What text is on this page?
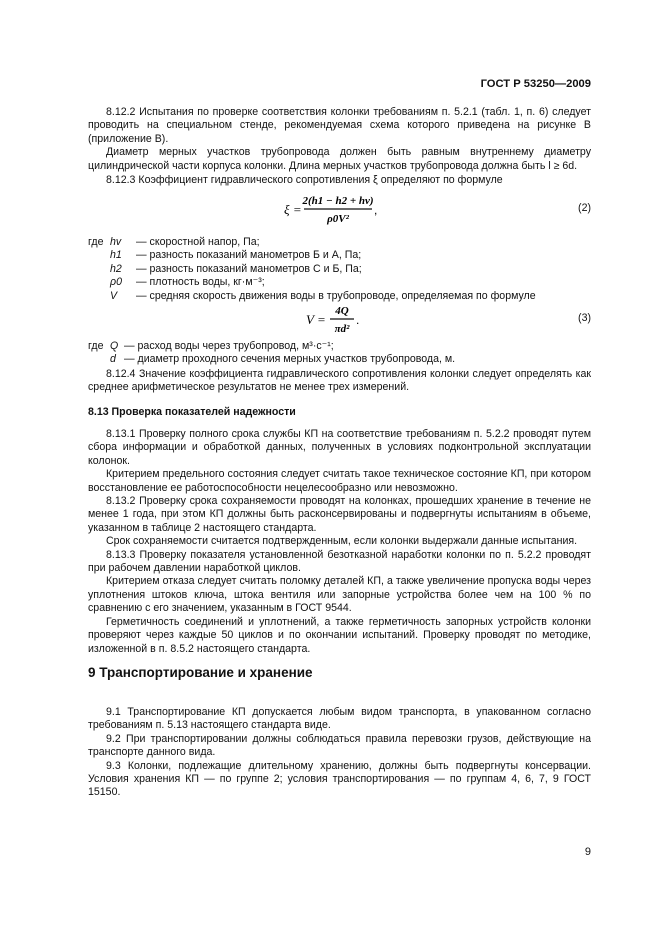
ГОСТ Р 53250—2009

8.12.2 Испытания по проверке соответствия колонки требованиям п. 5.2.1 (табл. 1, п. 6) следует проводить на специальном стенде, рекомендуемая схема которого приведена на рисунке В (приложение В).

Диаметр мерных участков трубопровода должен быть равным внутреннему диаметру цилиндрической части корпуса колонки. Длина мерных участков трубопровода должна быть l ≥ 6d.

8.12.3 Коэффициент гидравлического сопротивления ξ определяют по формуле

ξ =
2(h1 − h2 + hv)
ρ0V²
,	(2)
где hv — скоростной напор, Па;
h1 — разность показаний манометров Б и А, Па;
h2 — разность показаний манометров С и Б, Па;
ρ0 — плотность воды, кг·м⁻³;
V — средняя скорость движения воды в трубопроводе, определяемая по формуле
V =
4Q
πd²
.	(3)
где Q — расход воды через трубопровод, м³·с⁻¹;
d — диаметр проходного сечения мерных участков трубопровода, м.

8.12.4 Значение коэффициента гидравлического сопротивления колонки следует определять как среднее арифметическое результатов не менее трех измерений.

8.13 Проверка показателей надежности

8.13.1 Проверку полного срока службы КП на соответствие требованиям п. 5.2.2 проводят путем сбора информации и обработкой данных, полученных в условиях подконтрольной эксплуатации колонок.

Критерием предельного состояния следует считать такое техническое состояние КП, при котором восстановление ее работоспособности нецелесообразно или невозможно.

8.13.2 Проверку срока сохраняемости проводят на колонках, прошедших хранение в течение не менее 1 года, при этом КП должны быть расконсервированы и подвергнуты испытаниям в объеме, указанном в таблице 2 настоящего стандарта.

Срок сохраняемости считается подтвержденным, если колонки выдержали данные испытания.

8.13.3 Проверку показателя установленной безотказной наработки колонки по п. 5.2.2 проводят при рабочем давлении наработкой циклов.

Критерием отказа следует считать поломку деталей КП, а также увеличение пропуска воды через уплотнения штоков ключа, штока вентиля или запорные устройства более чем на 100 % по сравнению с его значением, указанным в ГОСТ 9544.

Герметичность соединений и уплотнений, а также герметичность запорных устройств колонки проверяют через каждые 50 циклов и по окончании испытаний. Проверку проводят по методике, изложенной в п. 8.5.2 настоящего стандарта.

9 Транспортирование и хранение

9.1 Транспортирование КП допускается любым видом транспорта, в упакованном согласно требованиям п. 5.13 настоящего стандарта виде.

9.2 При транспортировании должны соблюдаться правила перевозки грузов, действующие на транспорте данного вида.

9.3 Колонки, подлежащие длительному хранению, должны быть подвергнуты консервации. Условия хранения КП — по группе 2; условия транспортирования — по группам 4, 6, 7, 9 ГОСТ 15150.

9
